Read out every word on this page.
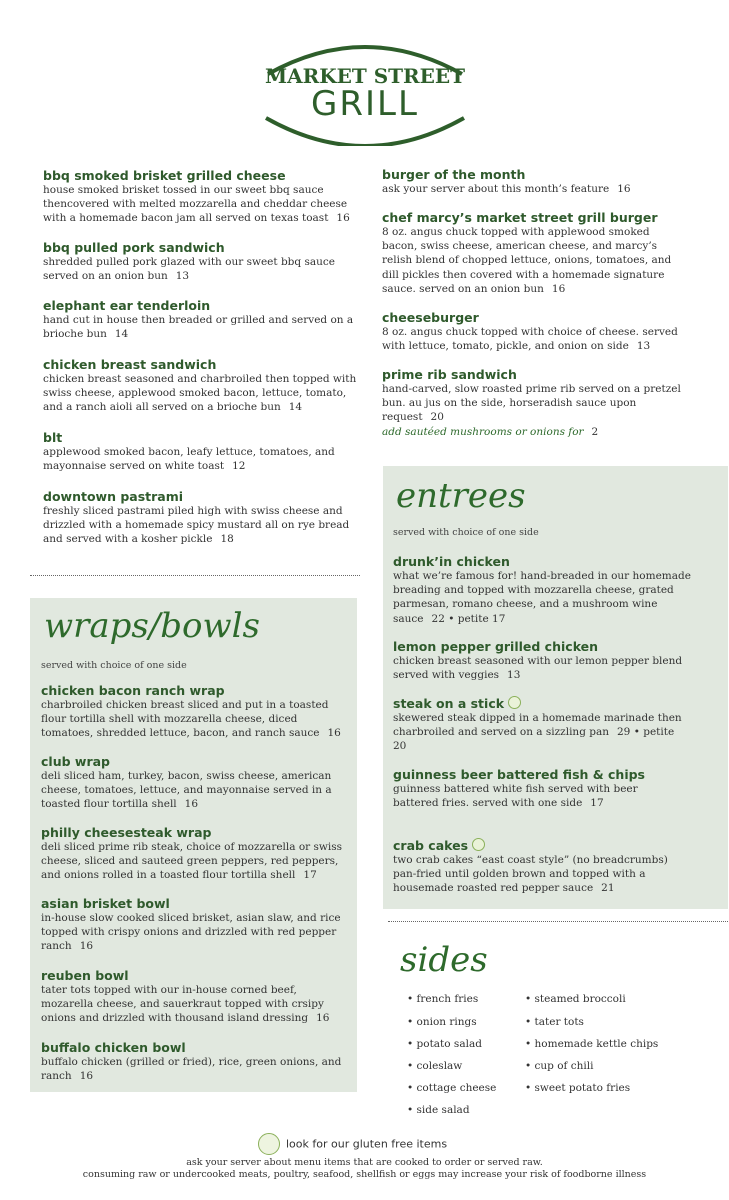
MARKET STREET
GRILL
bbq smoked brisket grilled cheese
house smoked brisket tossed in our sweet bbq sauce thencovered with melted mozzarella and cheddar cheese with a homemade bacon jam all served on texas toast 16
bbq pulled pork sandwich
shredded pulled pork glazed with our sweet bbq sauce served on an onion bun 13
elephant ear tenderloin
hand cut in house then breaded or grilled and served on a brioche bun 14
chicken breast sandwich
chicken breast seasoned and charbroiled then topped with swiss cheese, applewood smoked bacon, lettuce, tomato, and a ranch aioli all served on a brioche bun 14
blt
applewood smoked bacon, leafy lettuce, tomatoes, and mayonnaise served on white toast 12
downtown pastrami
freshly sliced pastrami piled high with swiss cheese and drizzled with a homemade spicy mustard all on rye bread and served with a kosher pickle 18
wraps/bowls
served with choice of one side
chicken bacon ranch wrap
charbroiled chicken breast sliced and put in a toasted flour tortilla shell with mozzarella cheese, diced tomatoes, shredded lettuce, bacon, and ranch sauce 16
club wrap
deli sliced ham, turkey, bacon, swiss cheese, american cheese, tomatoes, lettuce, and mayonnaise served in a toasted flour tortilla shell 16
philly cheesesteak wrap
deli sliced prime rib steak, choice of mozzarella or swiss cheese, sliced and sauteed green peppers, red peppers, and onions rolled in a toasted flour tortilla shell 17
asian brisket bowl
in-house slow cooked sliced brisket, asian slaw, and rice topped with crispy onions and drizzled with red pepper ranch 16
reuben bowl
tater tots topped with our in-house corned beef, mozarella cheese, and sauerkraut topped with crsipy onions and drizzled with thousand island dressing 16
buffalo chicken bowl
buffalo chicken (grilled or fried), rice, green onions, and ranch 16
burger of the month
ask your server about this month’s feature 16
chef marcy’s market street grill burger
8 oz. angus chuck topped with applewood smoked bacon, swiss cheese, american cheese, and marcy’s relish blend of chopped lettuce, onions, tomatoes, and dill pickles then covered with a homemade signature sauce. served on an onion bun 16
cheeseburger
8 oz. angus chuck topped with choice of cheese. served with lettuce, tomato, pickle, and onion on side 13
prime rib sandwich
hand-carved, slow roasted prime rib served on a pretzel bun. au jus on the side, horseradish sauce upon request 20
add sautéed mushrooms or onions for 2
entrees
served with choice of one side
drunk’in chicken
what we’re famous for! hand-breaded in our homemade breading and topped with mozzarella cheese, grated parmesan, romano cheese, and a mushroom wine sauce 22 • petite 17
lemon pepper grilled chicken
chicken breast seasoned with our lemon pepper blend served with veggies 13
steak on a stick
skewered steak dipped in a homemade marinade then charbroiled and served on a sizzling pan 29 • petite 20
guinness beer battered fish & chips
guinness battered white fish served with beer battered fries. served with one side 17
crab cakes
two crab cakes “east coast style” (no breadcrumbs) pan-fried until golden brown and topped with a housemade roasted red pepper sauce 21
sides
• french fries
• onion rings
• potato salad
• coleslaw
• cottage cheese
• side salad
• steamed broccoli
• tater tots
• homemade kettle chips
• cup of chili
• sweet potato fries
look for our gluten free items
ask your server about menu items that are cooked to order or served raw.
consuming raw or undercooked meats, poultry, seafood, shellfish or eggs may increase your risk of foodborne illness
